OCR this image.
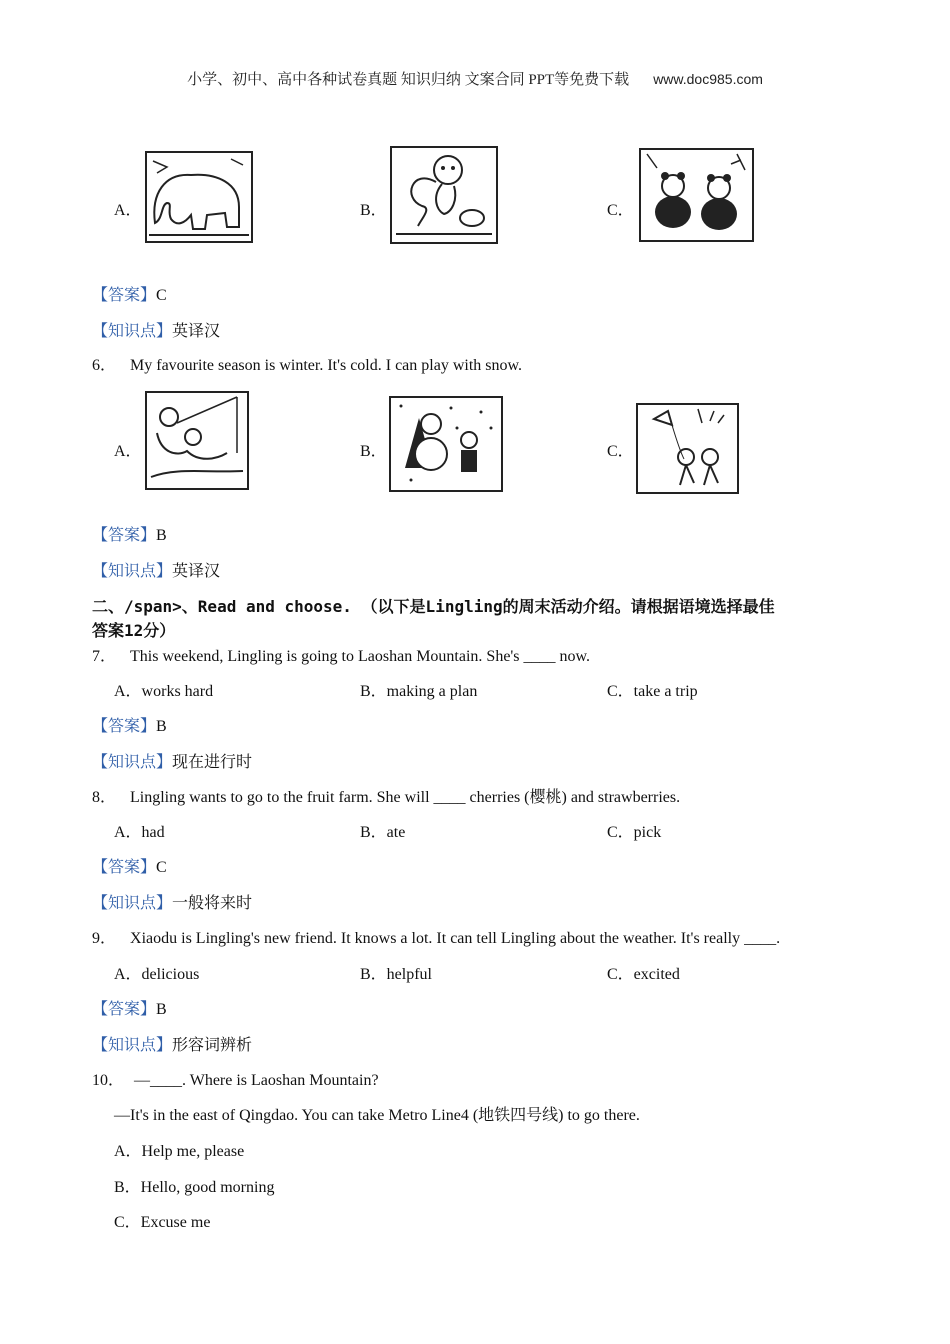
小学、初中、高中各种试卷真题 知识归纳 文案合同 PPT等免费下载 www.doc985.com
A．	B．	C．
【答案】C
【知识点】英译汉
6． My favourite season is winter. It's cold. I can play with snow.
A．	B．	C．
【答案】B
【知识点】英译汉
二、/span>、Read and choose. （以下是Lingling的周末活动介绍。请根据语境选择最佳
答案12分）
7． This weekend, Lingling is going to Laoshan Mountain. She's ____ now.
A．works hard	B．making a plan	C．take a trip
【答案】B
【知识点】现在进行时
8． Lingling wants to go to the fruit farm. She will ____ cherries (樱桃) and strawberries.
A．had	B．ate	C．pick
【答案】C
【知识点】一般将来时
9． Xiaodu is Lingling's new friend. It knows a lot. It can tell Lingling about the weather. It's really ____.
A．delicious	B．helpful	C．excited
【答案】B
【知识点】形容词辨析
10． —____. Where is Laoshan Mountain?
—It's in the east of Qingdao. You can take Metro Line4 (地铁四号线) to go there.
A．Help me, please
B．Hello, good morning
C．Excuse me
